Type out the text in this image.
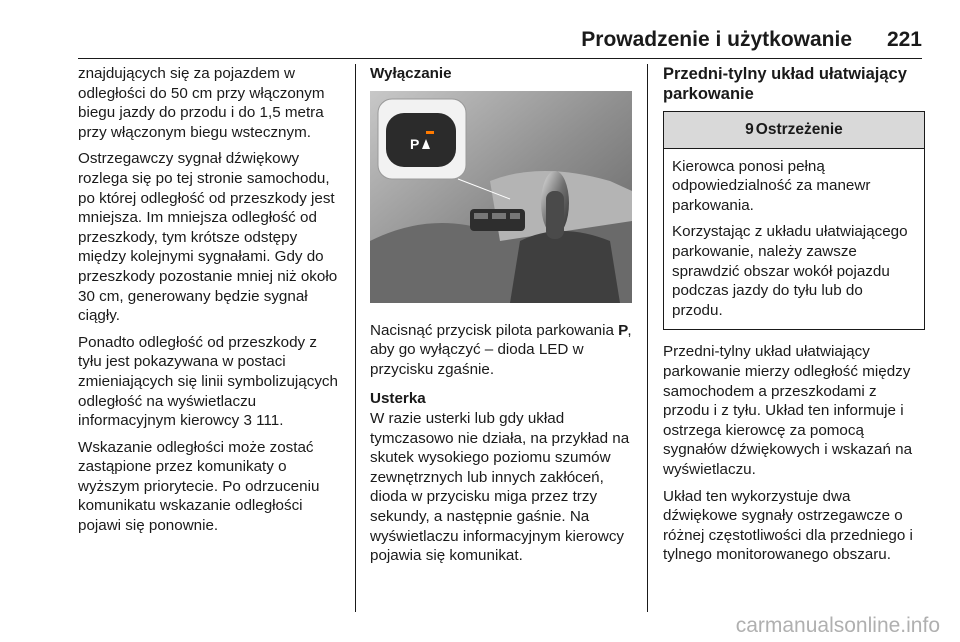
Prowadzenie i użytkowanie 221

znajdujących się za pojazdem w odległości do 50 cm przy włączonym biegu jazdy do przodu i do 1,5 metra przy włączonym biegu wstecznym.

Ostrzegawczy sygnał dźwiękowy rozlega się po tej stronie samochodu, po której odległość od przeszkody jest mniejsza. Im mniejsza odległość od przeszkody, tym krótsze odstępy między kolejnymi sygnałami. Gdy do przeszkody pozostanie mniej niż około 30 cm, generowany będzie sygnał ciągły.

Ponadto odległość od przeszkody z tyłu jest pokazywana w postaci zmieniających się linii symbolizujących odległość na wyświetlaczu informacyjnym kierowcy 3 111.

Wskazanie odległości może zostać zastąpione przez komunikaty o wyższym priorytecie. Po odrzuceniu komunikatu wskazanie odległości pojawi się ponownie.

Wyłączanie

P

Nacisnąć przycisk pilota parkowania P, aby go wyłączyć – dioda LED w przycisku zgaśnie.

Usterka

W razie usterki lub gdy układ tymczasowo nie działa, na przykład na skutek wysokiego poziomu szumów zewnętrznych lub innych zakłóceń, dioda w przycisku miga przez trzy sekundy, a następnie gaśnie. Na wyświetlaczu informacyjnym kierowcy pojawia się komunikat.

Przedni-tylny układ ułatwiający parkowanie

9 Ostrzeżenie

Kierowca ponosi pełną odpowiedzialność za manewr parkowania.

Korzystając z układu ułatwiającego parkowanie, należy zawsze sprawdzić obszar wokół pojazdu podczas jazdy do tyłu lub do przodu.

Przedni-tylny układ ułatwiający parkowanie mierzy odległość między samochodem a przeszkodami z przodu i z tyłu. Układ ten informuje i ostrzega kierowcę za pomocą sygnałów dźwiękowych i wskazań na wyświetlaczu.

Układ ten wykorzystuje dwa dźwiękowe sygnały ostrzegawcze o różnej częstotliwości dla przedniego i tylnego monitorowanego obszaru.

carmanualsonline.info
